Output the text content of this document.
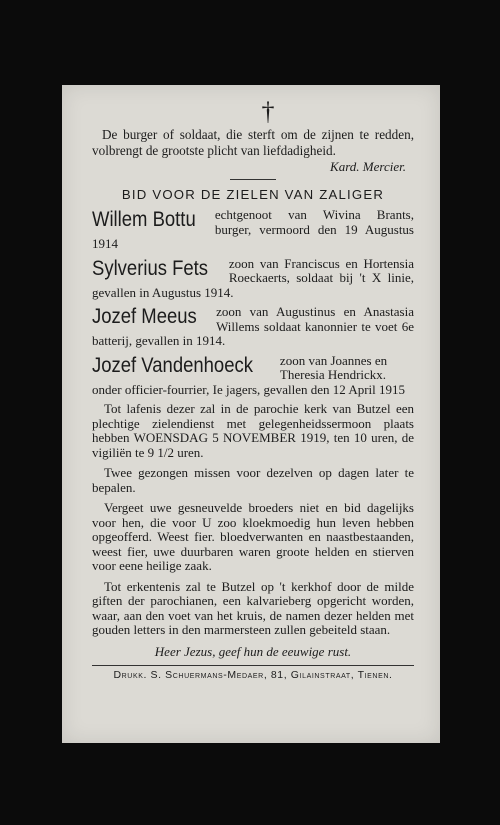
†
De burger of soldaat, die sterft om de zijnen te redden, volbrengt de grootste plicht van liefdadigheid.
Kard. Mercier.
BID VOOR DE ZIELEN VAN ZALIGER
Willem Bottu	echtgenoot van Wivina Brants, burger, vermoord den 19 Augustus 1914
Sylverius Fets	zoon van Franciscus en Hortensia Roeckaerts, soldaat bij 't X linie, gevallen in Augustus 1914.
Jozef Meeus	zoon van Augustinus en Anastasia Willems soldaat kanonnier te voet 6e batterij, gevallen in 1914.
Jozef Vandenhoeck	zoon van Joannes en Theresia Hendrickx. onder officier-fourrier, Ie jagers, gevallen den 12 April 1915
Tot lafenis dezer zal in de parochie kerk van Butzel een plechtige zielendienst met gelegenheidssermoon plaats hebben WOENSDAG 5 NOVEMBER 1919, ten 10 uren, de vigiliën te 9 1/2 uren.
Twee gezongen missen voor dezelven op dagen later te bepalen.
Vergeet uwe gesneuvelde broeders niet en bid dagelijks voor hen, die voor U zoo kloekmoedig hun leven hebben opgeofferd. Weest fier. bloedverwanten en naastbestaanden, weest fier, uwe duurbaren waren groote helden en stierven voor eene heilige zaak.
Tot erkentenis zal te Butzel op 't kerkhof door de milde giften der parochianen, een kalvarieberg opgericht worden, waar, aan den voet van het kruis, de namen dezer helden met gouden letters in den marmersteen zullen gebeiteld staan.
Heer Jezus, geef hun de eeuwige rust.
Drukk. S. Schuermans-Medaer, 81, Gilainstraat, Tienen.
